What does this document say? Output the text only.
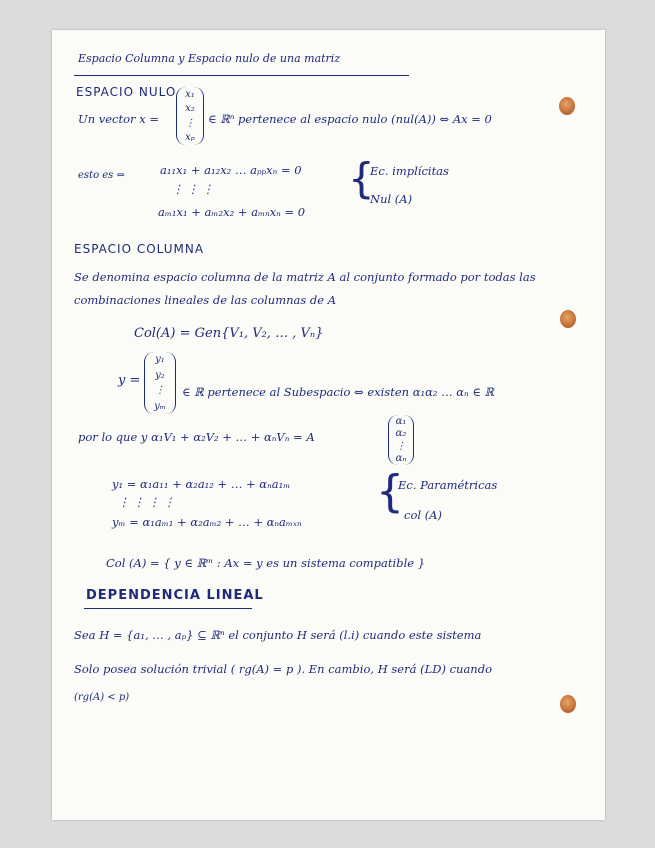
Espacio Columna y Espacio nulo de una matriz
ESPACIO NULO
Un vector x =
x₁
x₂
⋮
xₚ
∈ ℝⁿ pertenece al espacio nulo (nul(A)) ⇔ Ax = 0
esto es ⇔	a₁₁x₁ + a₁₂x₂ … aₚₚxₙ = 0
⋮ ⋮ ⋮
aₘ₁x₁ + aₘ₂x₂ + aₘₙxₙ = 0
{
Ec. implícitas
Nul (A)
ESPACIO COLUMNA
Se denomina espacio columna de la matriz A al conjunto formado por todas las
combinaciones lineales de las columnas de A
Col(A) = Gen{V₁, V₂, … , Vₙ}
y =
y₁
y₂
⋮
yₘ
∈ ℝ pertenece al Subespacio ⇔ existen α₁α₂ … αₙ ∈ ℝ
por lo que y α₁V₁ + α₂V₂ + … + αₙVₙ = A
α₁
α₂
⋮
αₙ
y₁ = α₁a₁₁ + α₂a₁₂ + … + αₙa₁ₘ
⋮ ⋮ ⋮ ⋮
yₘ = α₁aₘ₁ + α₂aₘ₂ + … + αₙaₘₓₙ
{
Ec. Paramétricas
col (A)
Col (A) = { y ∈ ℝᵐ : Ax = y es un sistema compatible }
DEPENDENCIA LINEAL
Sea H = {a₁, … , aₚ} ⊆ ℝⁿ el conjunto H será (l.i) cuando este sistema
Solo posea solución trivial ( rg(A) = p ). En cambio, H será (LD) cuando
(rg(A) < p)
